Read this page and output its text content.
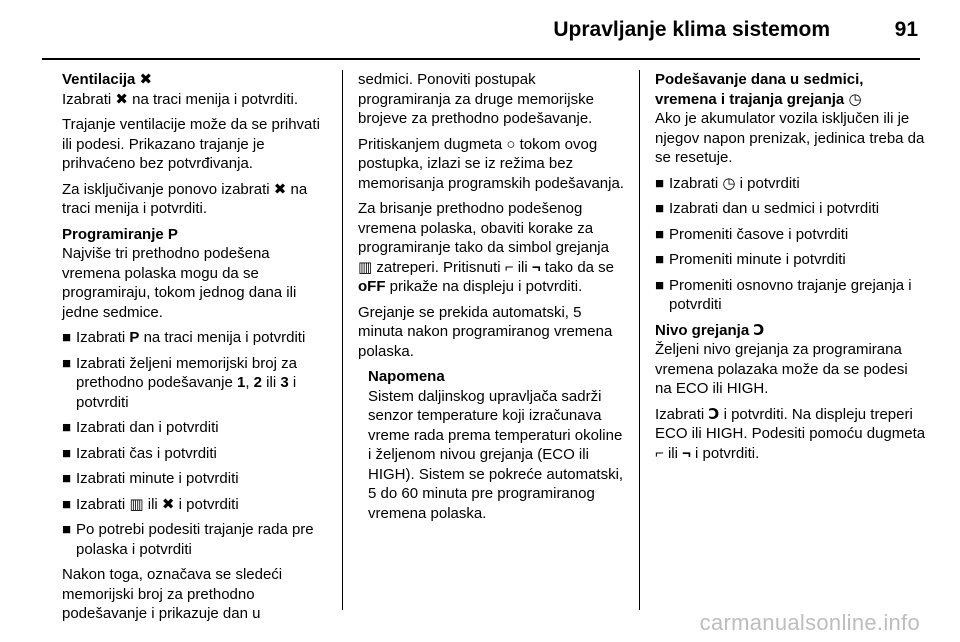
Upravljanje klima sistemom	91

Ventilacija ✖

Izabrati ✖ na traci menija i potvrditi.

Trajanje ventilacije može da se prihvati ili podesi. Prikazano trajanje je prihvaćeno bez potvrđivanja.

Za isključivanje ponovo izabrati ✖ na traci menija i potvrditi.

Programiranje P

Najviše tri prethodno podešena vremena polaska mogu da se programiraju, tokom jednog dana ili jedne sedmice.

■ Izabrati P na traci menija i potvrditi
■ Izabrati željeni memorijski broj za prethodno podešavanje 1, 2 ili 3 i potvrditi
■ Izabrati dan i potvrditi
■ Izabrati čas i potvrditi
■ Izabrati minute i potvrditi
■ Izabrati ▥ ili ✖ i potvrditi
■ Po potrebi podesiti trajanje rada pre polaska i potvrditi

Nakon toga, označava se sledeći memorijski broj za prethodno podešavanje i prikazuje dan u

sedmici. Ponoviti postupak programiranja za druge memorijske brojeve za prethodno podešavanje.

Pritiskanjem dugmeta ○ tokom ovog postupka, izlazi se iz režima bez memorisanja programskih podešavanja.

Za brisanje prethodno podešenog vremena polaska, obaviti korake za programiranje tako da simbol grejanja ▥ zatreperi. Pritisnuti ⌐ ili ¬ tako da se oFF prikaže na displeju i potvrditi.

Grejanje se prekida automatski, 5 minuta nakon programiranog vremena polaska.

Napomena
Sistem daljinskog upravljača sadrži senzor temperature koji izračunava vreme rada prema temperaturi okoline i željenom nivou grejanja (ECO ili HIGH). Sistem se pokreće automatski, 5 do 60 minuta pre programiranog vremena polaska.

Podešavanje dana u sedmici, vremena i trajanja grejanja ◷

Ako je akumulator vozila isključen ili je njegov napon prenizak, jedinica treba da se resetuje.

■ Izabrati ◷ i potvrditi
■ Izabrati dan u sedmici i potvrditi
■ Promeniti časove i potvrditi
■ Promeniti minute i potvrditi
■ Promeniti osnovno trajanje grejanja i potvrditi

Nivo grejanja Ↄ

Željeni nivo grejanja za programirana vremena polazaka može da se podesi na ECO ili HIGH.

Izabrati Ↄ i potvrditi. Na displeju treperi ECO ili HIGH. Podesiti pomoću dugmeta ⌐ ili ¬ i potvrditi.

carmanualsonline.info
